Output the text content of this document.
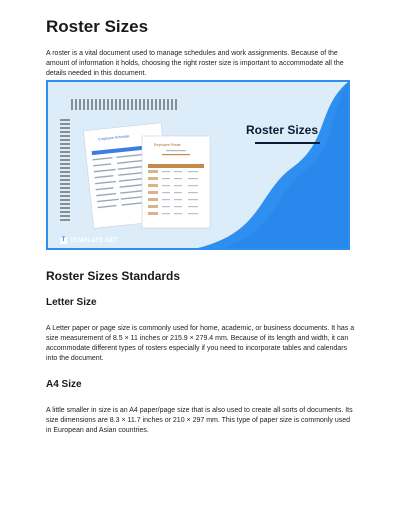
Roster Sizes

A roster is a vital document used to manage schedules and work assignments. Because of the amount of information it holds, choosing the right roster size is important to accommodate all the details needed in this document.

Employee Schedule
Employee Roster
Roster Sizes
T TEMPLATE.NET
Roster Sizes Standards
Letter Size

A Letter paper or page size is commonly used for home, academic, or business documents. It has a size measurement of 8.5 × 11 inches or 215.9 × 279.4 mm. Because of its length and width, it can accommodate different types of rosters especially if you need to incorporate tables and calendars into the document.

A4 Size

A little smaller in size is an A4 paper/page size that is also used to create all sorts of documents. Its size dimensions are 8.3 × 11.7 inches or 210 × 297 mm. This type of paper size is commonly used in European and Asian countries.
